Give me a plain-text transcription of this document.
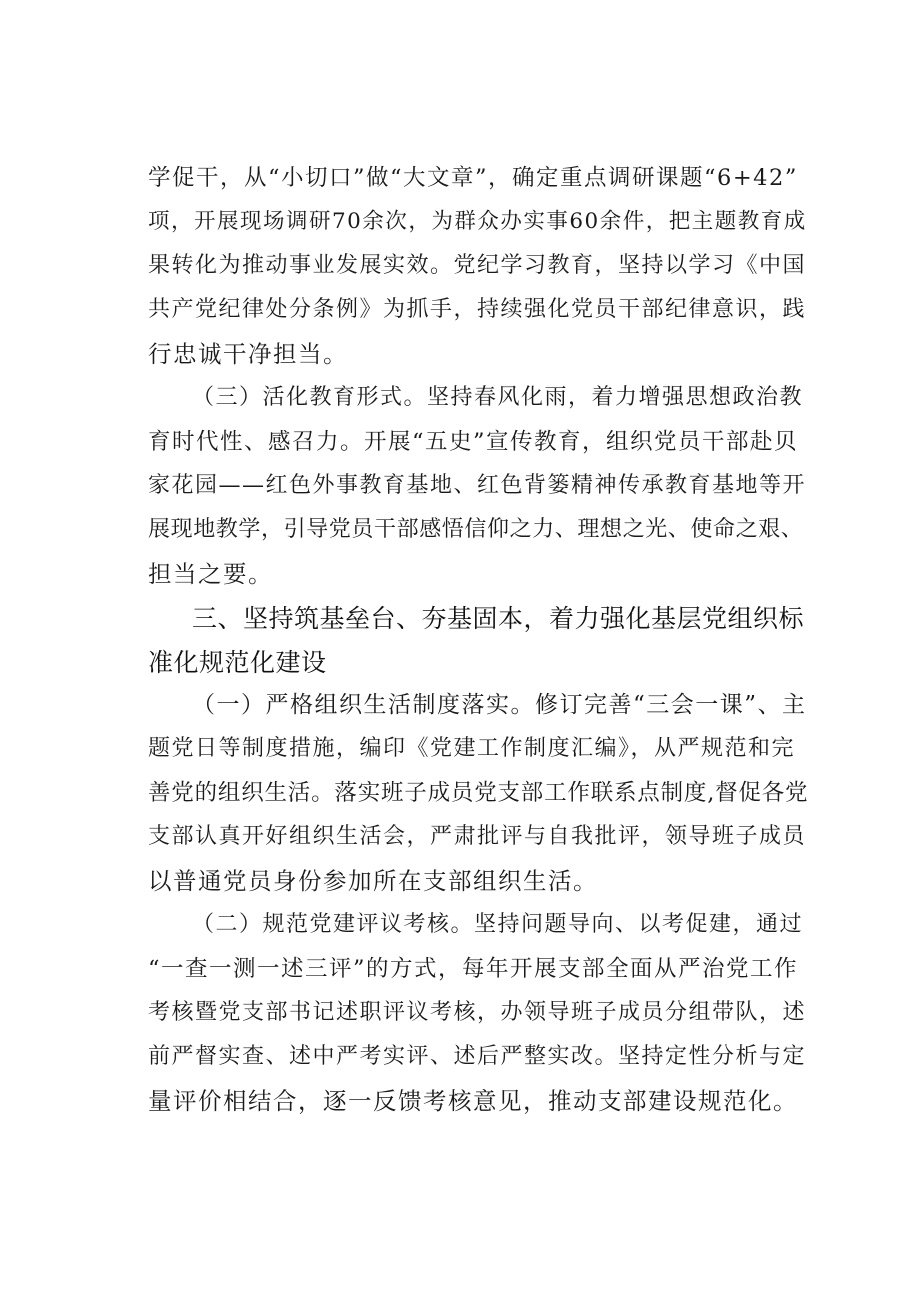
学促干，从“小切口”做“大文章”，确定重点调研课题“6+42”
项，开展现场调研70余次，为群众办实事60余件，把主题教育成
果转化为推动事业发展实效。党纪学习教育，坚持以学习《中国
共产党纪律处分条例》为抓手，持续强化党员干部纪律意识，践
行忠诚干净担当。
（三）活化教育形式。坚持春风化雨，着力增强思想政治教
育时代性、感召力。开展“五史”宣传教育，组织党员干部赴贝
家花园——红色外事教育基地、红色背篓精神传承教育基地等开
展现地教学，引导党员干部感悟信仰之力、理想之光、使命之艰、
担当之要。
三、坚持筑基垒台、夯基固本，着力强化基层党组织标
准化规范化建设
（一）严格组织生活制度落实。修订完善“三会一课”、主
题党日等制度措施，编印《党建工作制度汇编》，从严规范和完
善党的组织生活。落实班子成员党支部工作联系点制度,督促各党
支部认真开好组织生活会，严肃批评与自我批评，领导班子成员
以普通党员身份参加所在支部组织生活。
（二）规范党建评议考核。坚持问题导向、以考促建，通过
“一查一测一述三评”的方式，每年开展支部全面从严治党工作
考核暨党支部书记述职评议考核，办领导班子成员分组带队，述
前严督实查、述中严考实评、述后严整实改。坚持定性分析与定
量评价相结合，逐一反馈考核意见，推动支部建设规范化。
